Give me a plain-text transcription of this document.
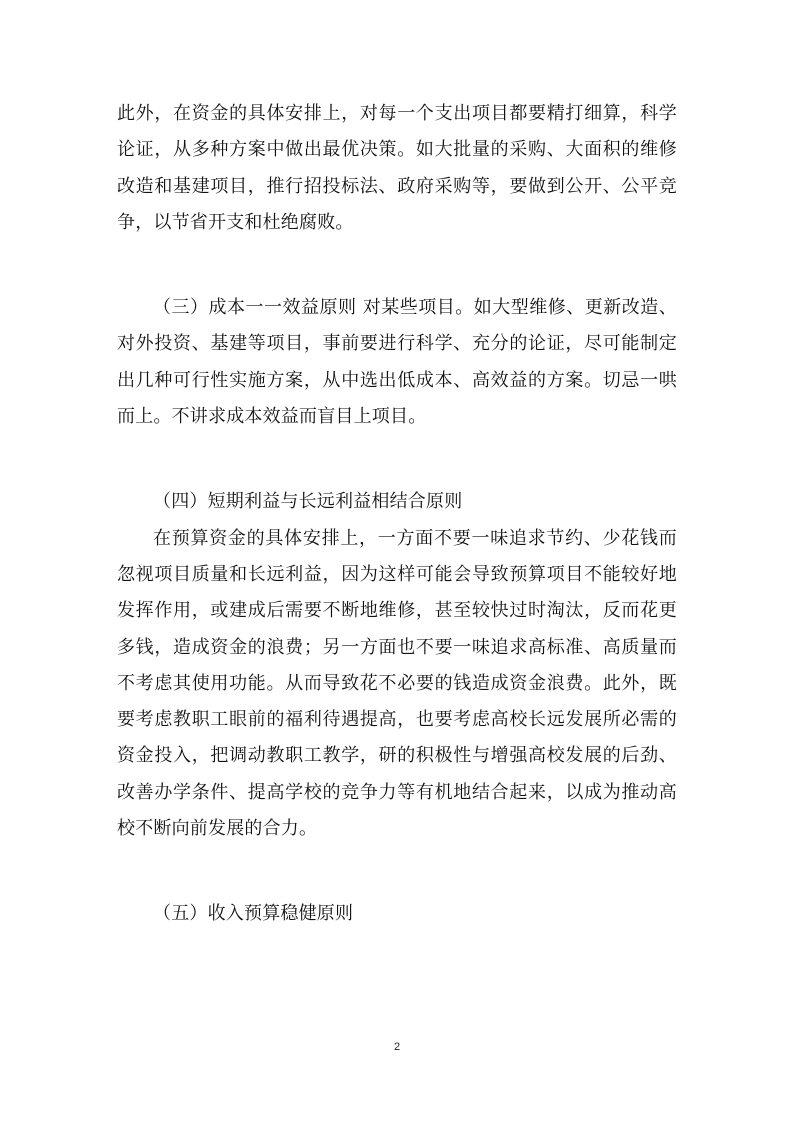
此外，在资金的具体安排上，对每一个支出项目都要精打细算，科学论证，从多种方案中做出最优决策。如大批量的采购、大面积的维修改造和基建项目，推行招投标法、政府采购等，要做到公开、公平竞争，以节省开支和杜绝腐败。

（三）成本一一效益原则 对某些项目。如大型维修、更新改造、对外投资、基建等项目，事前要进行科学、充分的论证，尽可能制定出几种可行性实施方案，从中选出低成本、高效益的方案。切忌一哄而上。不讲求成本效益而盲目上项目。

（四）短期利益与长远利益相结合原则

在预算资金的具体安排上，一方面不要一味追求节约、少花钱而忽视项目质量和长远利益，因为这样可能会导致预算项目不能较好地发挥作用，或建成后需要不断地维修，甚至较快过时淘汰，反而花更多钱，造成资金的浪费；另一方面也不要一味追求高标准、高质量而不考虑其使用功能。从而导致花不必要的钱造成资金浪费。此外，既要考虑教职工眼前的福利待遇提高，也要考虑高校长远发展所必需的资金投入，把调动教职工教学，研的积极性与增强高校发展的后劲、改善办学条件、提高学校的竞争力等有机地结合起来，以成为推动高校不断向前发展的合力。

（五）收入预算稳健原则

2
